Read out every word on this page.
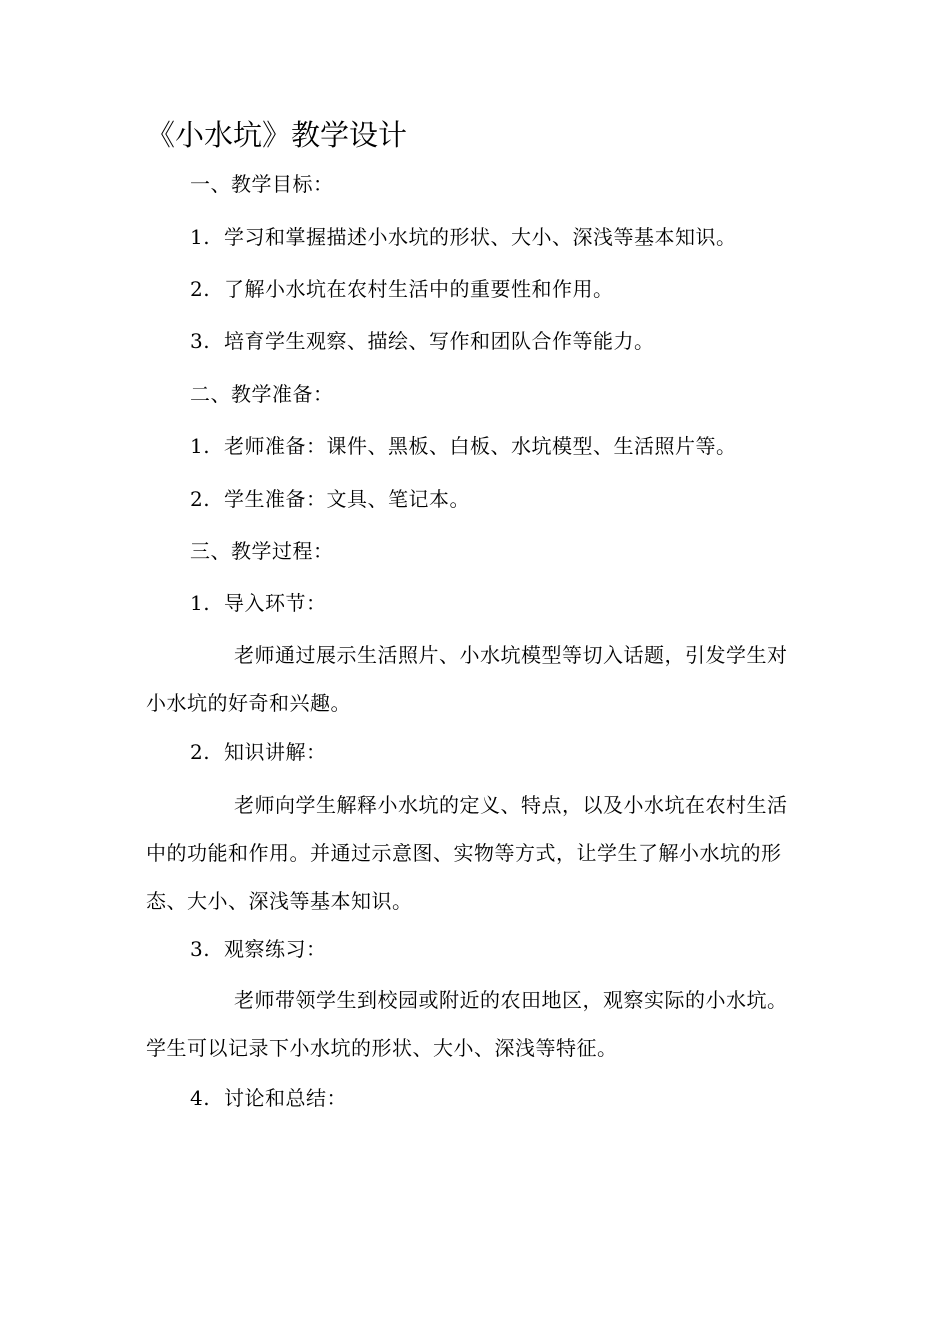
《小水坑》教学设计
一、教学目标：
1. 学习和掌握描述小水坑的形状、大小、深浅等基本知识。
2. 了解小水坑在农村生活中的重要性和作用。
3. 培育学生观察、描绘、写作和团队合作等能力。
二、教学准备：
1. 老师准备：课件、黑板、白板、水坑模型、生活照片等。
2. 学生准备：文具、笔记本。
三、教学过程：
1. 导入环节：

老师通过展示生活照片、小水坑模型等切入话题，引发学生对小水坑的好奇和兴趣。

2. 知识讲解：

老师向学生解释小水坑的定义、特点，以及小水坑在农村生活中的功能和作用。并通过示意图、实物等方式，让学生了解小水坑的形态、大小、深浅等基本知识。

3. 观察练习：

老师带领学生到校园或附近的农田地区，观察实际的小水坑。学生可以记录下小水坑的形状、大小、深浅等特征。

4. 讨论和总结：
